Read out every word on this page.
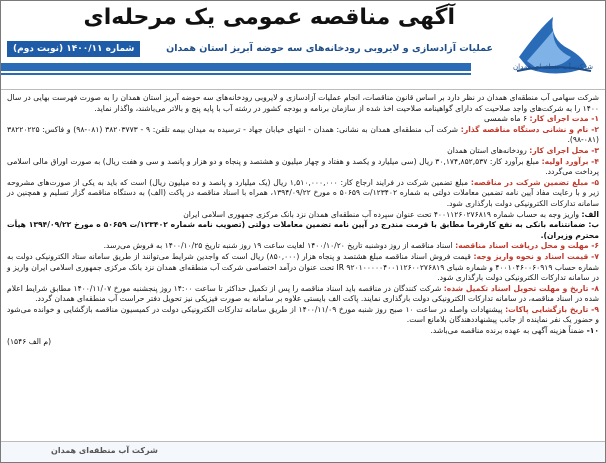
شرکت آب منطقه‌ای همدان
آگهی مناقصه عمومی یک مرحله‌ای
عملیات آزادسازی و لایروبی رودخانه‌های سه حوضه آبریز استان همدان
شماره ۱۴۰۰/۱۱ (نوبت دوم)

شرکت سهامی آب منطقه‌ای همدان در نظر دارد بر اساس قانون مناقصات، انجام عملیات آزادسازی و لایروبی رودخانه‌های سه حوضه آبریز استان همدان را به صورت فهرست بهایی در سال ۱۴۰۰ را به شرکت‌های واجد صلاحیت که دارای گواهینامه صلاحیت اخذ شده از سازمان برنامه و بودجه کشور در رشته آب با پایه پنج و بالاتر می‌باشند، واگذار نماید.

۱- مدت اجرای کار: ۶ ماه شمسی

۲- نام و نشانی دستگاه مناقصه گذار: شرکت آب منطقه‌ای همدان به نشانی: همدان - انتهای خیابان جهاد - ترسیده به میدان بیمه تلفن: ۹ - ۳۸۲۰۳۷۷۳ (۰۸۱-۹۸) و فاکس: ۳۸۲۲۰۲۲۵ (۰۸۱-۹۸).

۳- محل اجرای کار: رودخانه‌های استان همدان

۴- برآورد اولیه: مبلغ برآورد کار: ۳۰,۱۷۴,۸۵۲,۵۳۷ ریال (سی میلیارد و یکصد و هفتاد و چهار میلیون و هشتصد و پنجاه و دو هزار و پانصد و سی و هفت ریال) به صورت اوراق مالی اسلامی پرداخت می‌گردد.

۵- مبلغ تضمین شرکت در مناقصه: مبلغ تضمین شرکت در فرایند ارجاع کار: ۱,۵۱۰,۰۰۰,۰۰۰ ریال (یک میلیارد و پانصد و ده میلیون ریال) است که باید به یکی از صورت‌های مشروحه زیر و با رعایت مفاد آیین نامه تضمین معاملات دولتی به شماره ۱۲۳۴۰۲/ت ۵۰۶۵۹ ه مورخ ۱۳۹۴/۰۹/۲۲، همراه با اسناد مناقصه در پاکت (الف) به دستگاه مناقصه گزار تسلیم و همچنین در سامانه تدارکات الکترونیکی دولت بارگذاری شود.

الف: واریز وجه به حساب شماره ۴۰۰۱۱۲۶۰۲۷۶۸۱۹ تحت عنوان سپرده آب منطقه‌ای همدان نزد بانک مرکزی جمهوری اسلامی ایران

ب: ضمانتنامه بانکی به نفع کارفرما مطابق با فرمت مندرج در آیین نامه تضمین معاملات دولتی (تصویب نامه شماره ۱۲۳۴۰۲/ت ۵۰۶۵۹ ه مورخ ۱۳۹۴/۰۹/۲۲ هیأت محترم وزیران).

۶- مهلت و محل دریافت اسناد مناقصه: اسناد مناقصه از روز دوشنبه تاریخ ۱۴۰۰/۱۰/۲۰ لغایت ساعت ۱۹ روز شنبه تاریخ ۱۴۰۰/۱۰/۲۵ به فروش می‌رسد.

۷- قیمت اسناد و نحوه واریز وجه: قیمت فروش اسناد مناقصه مبلغ هشتصد و پنجاه هزار (۸۵۰,۰۰۰) ریال است که واجدین شرایط می‌توانند از طریق سامانه ستاد الکترونیکی دولت به شماره حساب ۴۰۰۱۰۴۶۰۰۶۰۹۱۹ و شماره شبای IR ۹۲۰۱۰۰۰۰۰۴۰۰۱۱۲۶۰۰۲۷۶۸۱۹ تحت عنوان درآمد اختصاصی شرکت آب منطقه‌ای همدان نزد بانک مرکزی جمهوری اسلامی ایران واریز و در سامانه تدارکات الکترونیکی دولت بارگذاری شود.

۸- تاریخ و مهلت تحویل اسناد تکمیل شده: شرکت کنندگان در مناقصه باید اسناد مناقصه را پس از تکمیل حداکثر تا ساعت ۱۴:۰۰ روز پنجشنبه مورخ ۱۴۰۰/۱۱/۰۷ مطابق شرایط اعلام شده در اسناد مناقصه، در سامانه تدارکات الکترونیکی دولت بارگذاری نمایند. پاکت الف بایستی علاوه بر سامانه به صورت فیزیکی نیز تحویل دفتر حراست آب منطقه‌ای همدان گردد.

۹- تاریخ بازگشایی پاکات: پیشنهادات واصله در ساعت ۱۰ صبح روز شنبه مورخ ۱۴۰۰/۱۱/۰۹ از طریق سامانه تدارکات الکترونیکی دولت در کمیسیون مناقصه بازگشایی و خوانده می‌شود و حضور یک نفر نماینده از جانب پیشنهاددهندگان بلامانع است.

۱۰- ضمناً هزینه آگهی به عهده برنده مناقصه می‌باشد.

(م الف ۱۵۴۶)

شرکت آب منطقه‌ای همدان
